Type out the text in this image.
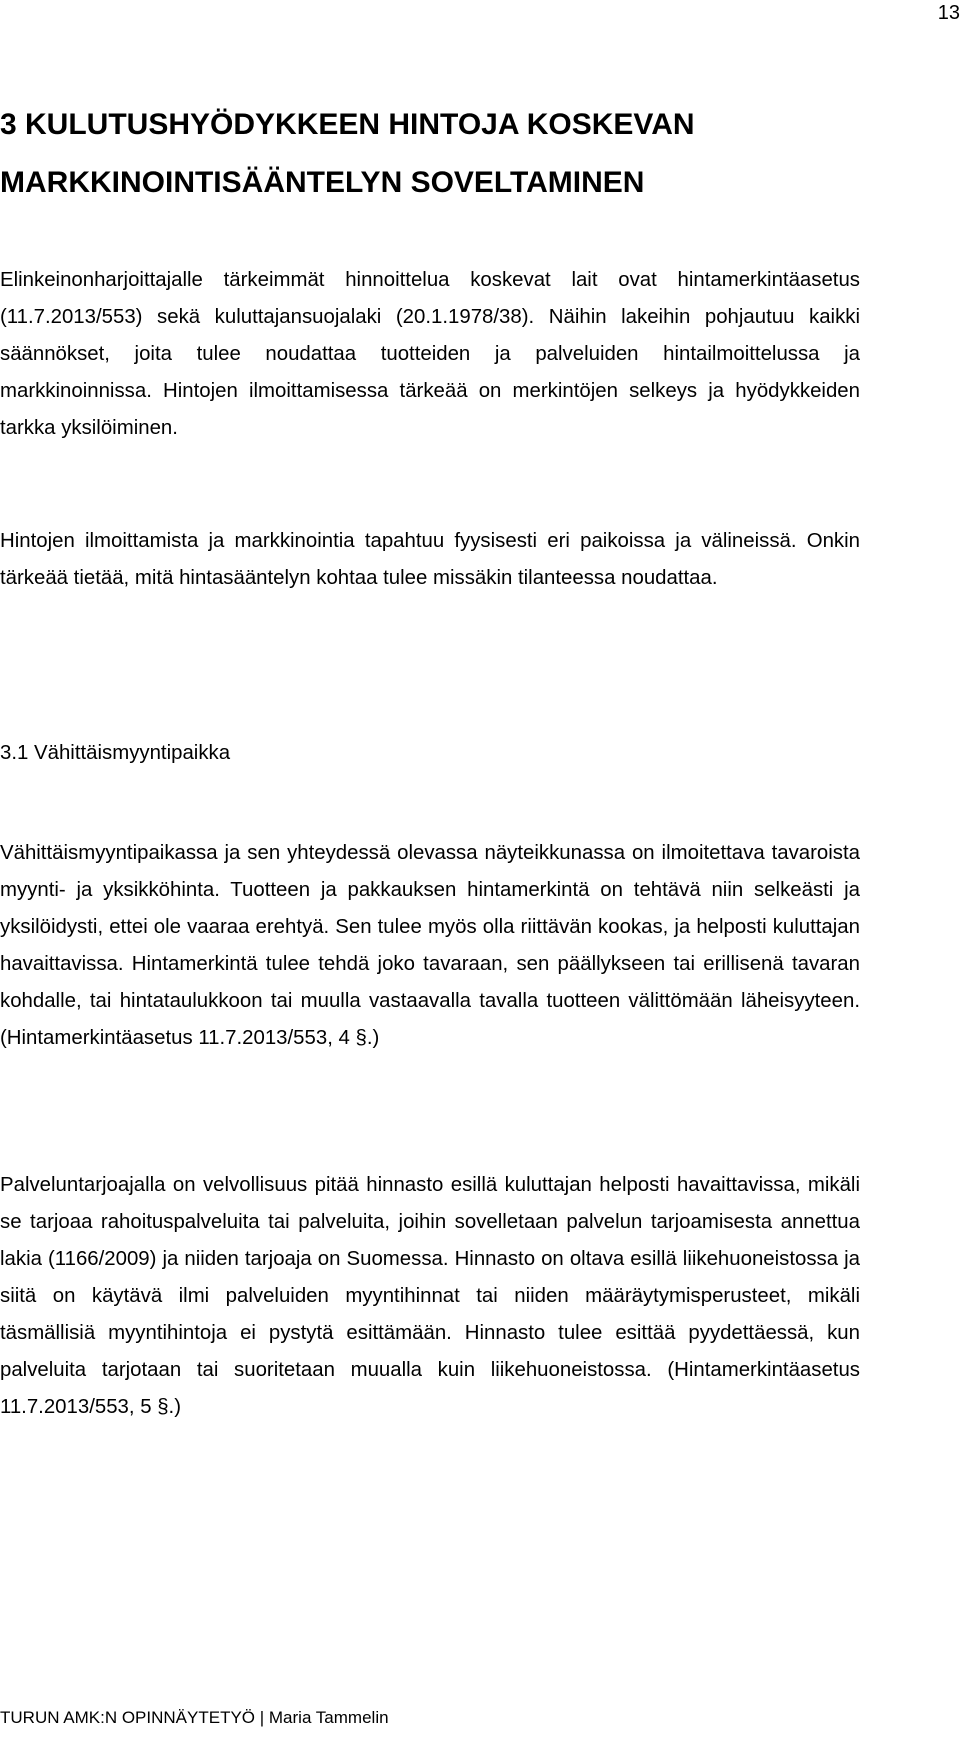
13
3 KULUTUSHYÖDYKKEEN HINTOJA KOSKEVAN MARKKINOINTISÄÄNTELYN SOVELTAMINEN

Elinkeinonharjoittajalle tärkeimmät hinnoittelua koskevat lait ovat hintamerkintäasetus (11.7.2013/553) sekä kuluttajansuojalaki (20.1.1978/38). Näihin lakeihin pohjautuu kaikki säännökset, joita tulee noudattaa tuotteiden ja palveluiden hintailmoittelussa ja markkinoinnissa. Hintojen ilmoittamisessa tärkeää on merkintöjen selkeys ja hyödykkeiden tarkka yksilöiminen.

Hintojen ilmoittamista ja markkinointia tapahtuu fyysisesti eri paikoissa ja välineissä. Onkin tärkeää tietää, mitä hintasääntelyn kohtaa tulee missäkin tilanteessa noudattaa.

3.1 Vähittäismyyntipaikka

Vähittäismyyntipaikassa ja sen yhteydessä olevassa näyteikkunassa on ilmoitettava tavaroista myynti- ja yksikköhinta. Tuotteen ja pakkauksen hintamerkintä on tehtävä niin selkeästi ja yksilöidysti, ettei ole vaaraa erehtyä. Sen tulee myös olla riittävän kookas, ja helposti kuluttajan havaittavissa. Hintamerkintä tulee tehdä joko tavaraan, sen päällykseen tai erillisenä tavaran kohdalle, tai hintataulukkoon tai muulla vastaavalla tavalla tuotteen välittömään läheisyyteen. (Hintamerkintäasetus 11.7.2013/553, 4 §.)

Palveluntarjoajalla on velvollisuus pitää hinnasto esillä kuluttajan helposti havaittavissa, mikäli se tarjoaa rahoituspalveluita tai palveluita, joihin sovelletaan palvelun tarjoamisesta annettua lakia (1166/2009) ja niiden tarjoaja on Suomessa. Hinnasto on oltava esillä liikehuoneistossa ja siitä on käytävä ilmi palveluiden myyntihinnat tai niiden määräytymisperusteet, mikäli täsmällisiä myyntihintoja ei pystytä esittämään. Hinnasto tulee esittää pyydettäessä, kun palveluita tarjotaan tai suoritetaan muualla kuin liikehuoneistossa. (Hintamerkintäasetus 11.7.2013/553, 5 §.)

TURUN AMK:N OPINNÄYTETYÖ | Maria Tammelin
